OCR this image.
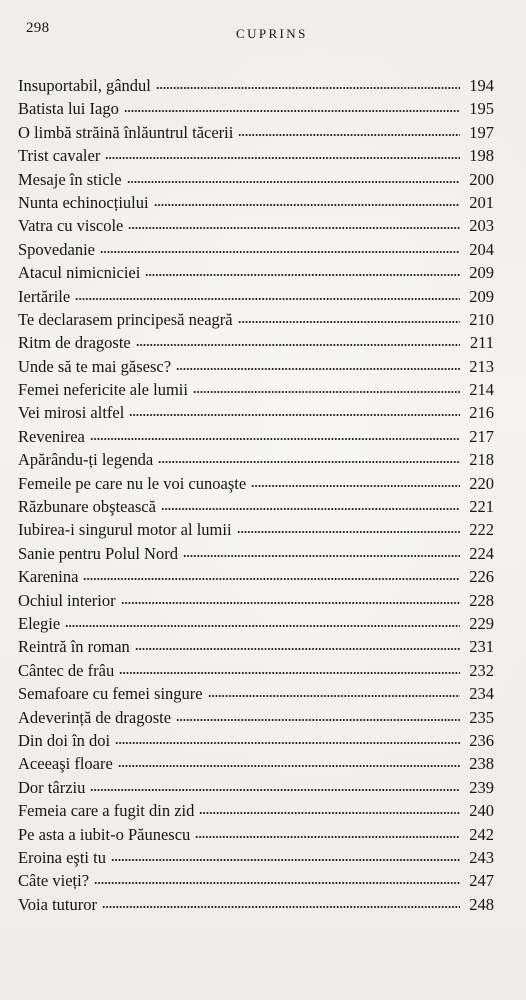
298	CUPRINS
Insuportabil, gândul	194
Batista lui Iago	195
O limbă străină înlăuntrul tăcerii	197
Trist cavaler	198
Mesaje în sticle	200
Nunta echinocțiului	201
Vatra cu viscole	203
Spovedanie	204
Atacul nimicniciei	209
Iertările	209
Te declarasem principesă neagră	210
Ritm de dragoste	211
Unde să te mai găsesc?	213
Femei nefericite ale lumii	214
Vei mirosi altfel	216
Revenirea	217
Apărându-ți legenda	218
Femeile pe care nu le voi cunoaşte	220
Răzbunare obştească	221
Iubirea-i singurul motor al lumii	222
Sanie pentru Polul Nord	224
Karenina	226
Ochiul interior	228
Elegie	229
Reintră în roman	231
Cântec de frâu	232
Semafoare cu femei singure	234
Adeverință de dragoste	235
Din doi în doi	236
Aceeaşi floare	238
Dor târziu	239
Femeia care a fugit din zid	240
Pe asta a iubit-o Păunescu	242
Eroina eşti tu	243
Câte vieți?	247
Voia tuturor	248
